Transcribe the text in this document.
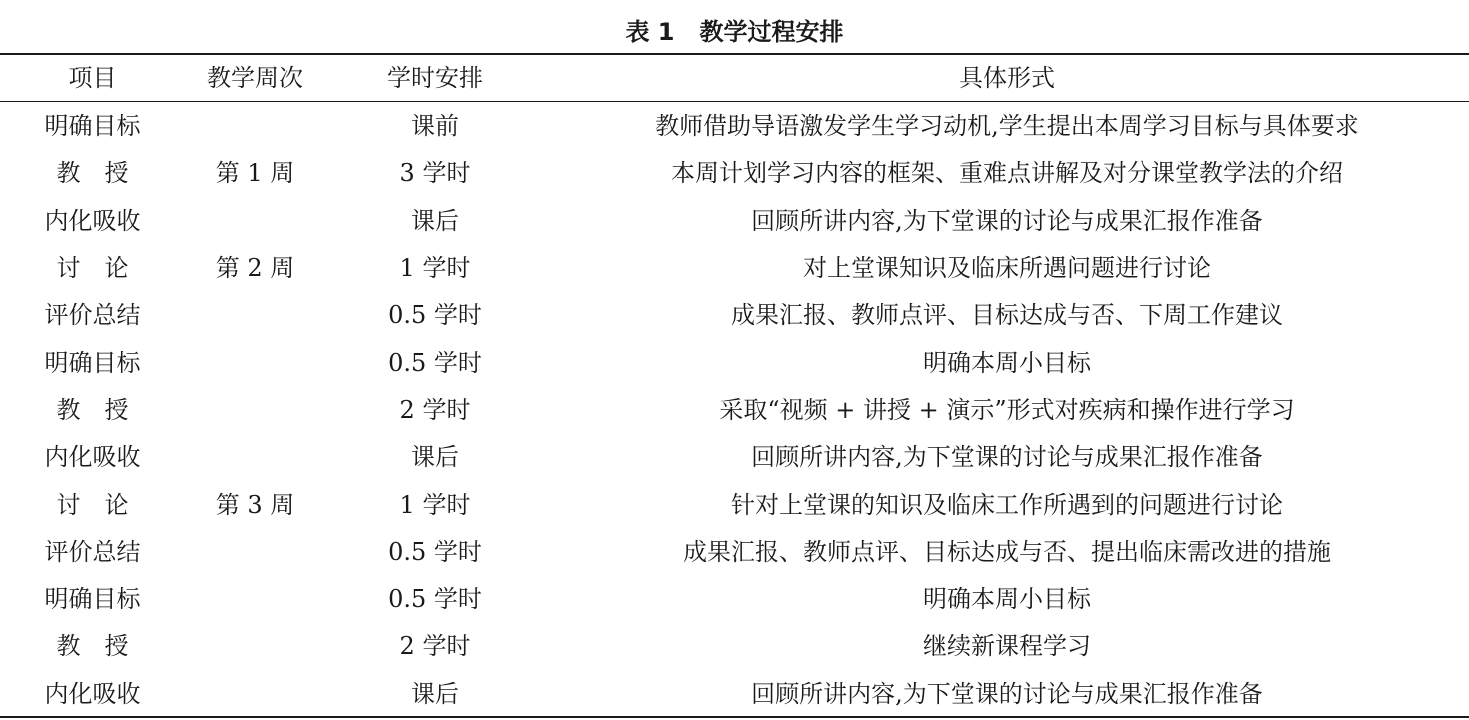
表 1   教学过程安排
项目	教学周次	学时安排	具体形式
明确目标		课前	教师借助导语激发学生学习动机,学生提出本周学习目标与具体要求
教　授	第 1 周	3 学时	本周计划学习内容的框架、重难点讲解及对分课堂教学法的介绍
内化吸收		课后	回顾所讲内容,为下堂课的讨论与成果汇报作准备
讨　论	第 2 周	1 学时	对上堂课知识及临床所遇问题进行讨论
评价总结		0.5 学时	成果汇报、教师点评、目标达成与否、下周工作建议
明确目标		0.5 学时	明确本周小目标
教　授		2 学时	采取“视频 + 讲授 + 演示”形式对疾病和操作进行学习
内化吸收		课后	回顾所讲内容,为下堂课的讨论与成果汇报作准备
讨　论	第 3 周	1 学时	针对上堂课的知识及临床工作所遇到的问题进行讨论
评价总结		0.5 学时	成果汇报、教师点评、目标达成与否、提出临床需改进的措施
明确目标		0.5 学时	明确本周小目标
教　授		2 学时	继续新课程学习
内化吸收		课后	回顾所讲内容,为下堂课的讨论与成果汇报作准备
